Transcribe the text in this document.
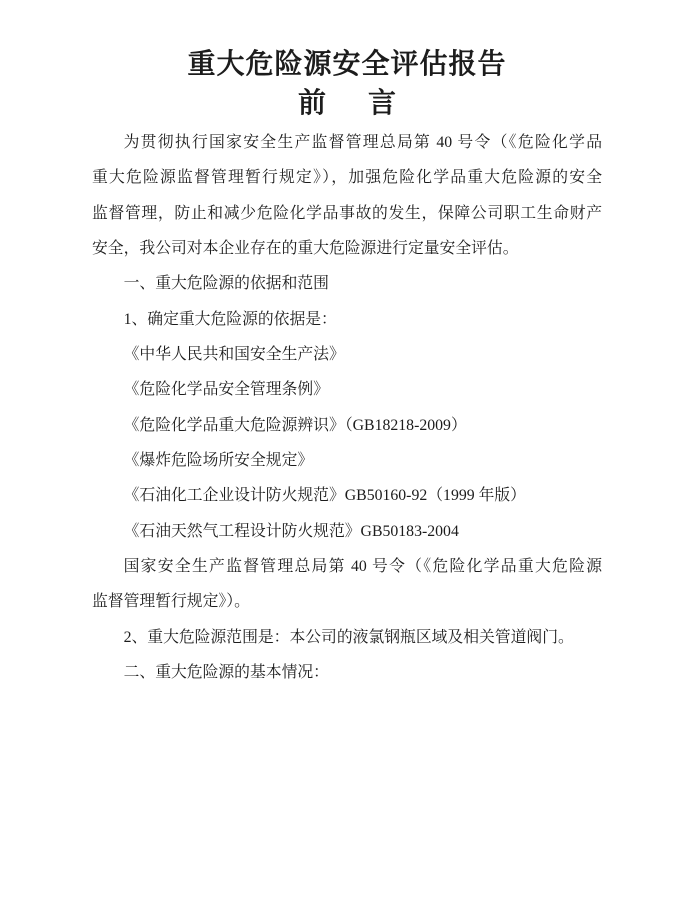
重大危险源安全评估报告
前　言
为贯彻执行国家安全生产监督管理总局第 40 号令（《危险化学品
重大危险源监督管理暂行规定》），加强危险化学品重大危险源的安全
监督管理，防止和减少危险化学品事故的发生，保障公司职工生命财产
安全，我公司对本企业存在的重大危险源进行定量安全评估。
一、重大危险源的依据和范围
1、确定重大危险源的依据是：
《中华人民共和国安全生产法》
《危险化学品安全管理条例》
《危险化学品重大危险源辨识》（GB18218-2009）
《爆炸危险场所安全规定》
《石油化工企业设计防火规范》GB50160-92（1999 年版）
《石油天然气工程设计防火规范》GB50183-2004
国家安全生产监督管理总局第 40 号令（《危险化学品重大危险源
监督管理暂行规定》）。
2、重大危险源范围是：本公司的液氯钢瓶区域及相关管道阀门。
二、重大危险源的基本情况：
